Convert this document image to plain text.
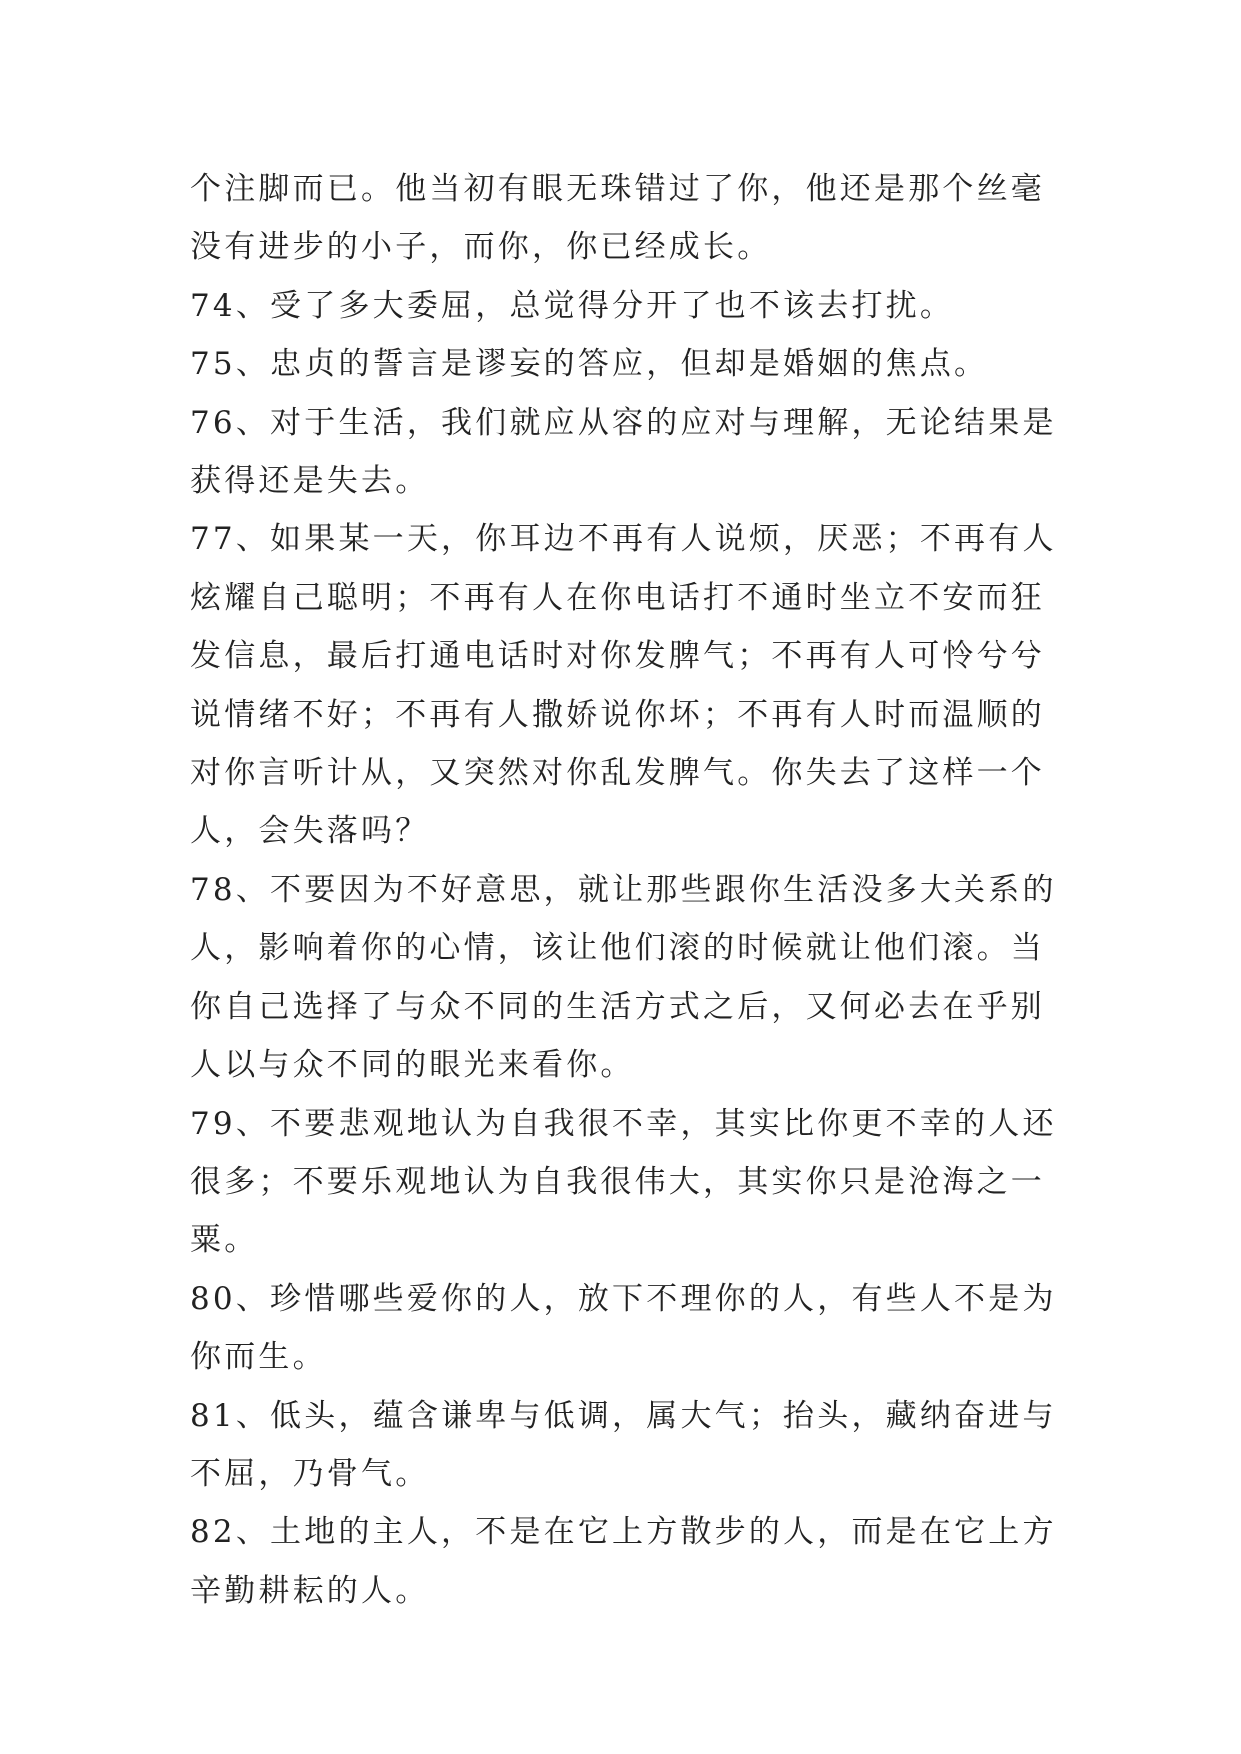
个注脚而已。他当初有眼无珠错过了你，他还是那个丝毫没有进步的小子，而你，你已经成长。

74、受了多大委屈，总觉得分开了也不该去打扰。

75、忠贞的誓言是谬妄的答应，但却是婚姻的焦点。

76、对于生活，我们就应从容的应对与理解，无论结果是获得还是失去。

77、如果某一天，你耳边不再有人说烦，厌恶；不再有人炫耀自己聪明；不再有人在你电话打不通时坐立不安而狂发信息，最后打通电话时对你发脾气；不再有人可怜兮兮说情绪不好；不再有人撒娇说你坏；不再有人时而温顺的对你言听计从，又突然对你乱发脾气。你失去了这样一个人，会失落吗？

78、不要因为不好意思，就让那些跟你生活没多大关系的人，影响着你的心情，该让他们滚的时候就让他们滚。当你自己选择了与众不同的生活方式之后，又何必去在乎别人以与众不同的眼光来看你。

79、不要悲观地认为自我很不幸，其实比你更不幸的人还很多；不要乐观地认为自我很伟大，其实你只是沧海之一粟。

80、珍惜哪些爱你的人，放下不理你的人，有些人不是为你而生。

81、低头，蕴含谦卑与低调，属大气；抬头，藏纳奋进与不屈，乃骨气。

82、土地的主人，不是在它上方散步的人，而是在它上方辛勤耕耘的人。
